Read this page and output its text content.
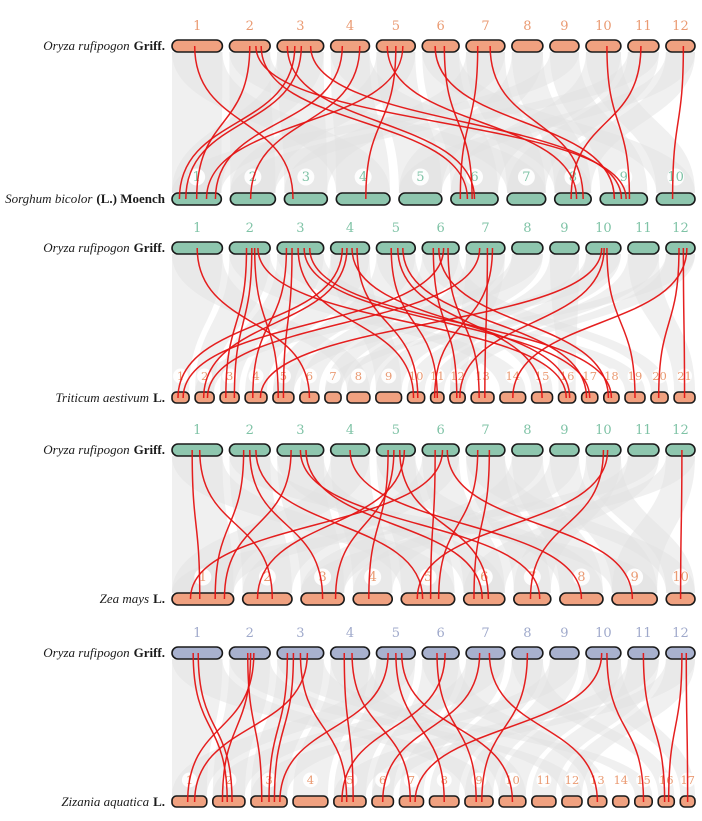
1	2	3	4	5	6	7	8 9 10 11 12
1	2	3	4	5	6	7	8	9	10
1	2	3	4	5	6	7	8 9 10 11 12
1 2 3 4 5 6 7 8 9 10 11 12 13 14 15 16 17 18 19 20 21
1	2	3	4	5	6	7	8 9 10 11 12
1	2	3	4	5	6	7	8	9	10
1	2	3	4	5	6	7	8 9 10 11 12
1	2	3	4	5 6 7 8 9 10 11 12 13 14 15 16 17
Oryza rufipogon Griff.
Sorghum bicolor (L.) Moench
Oryza rufipogon Griff.
Triticum aestivum L.
Oryza rufipogon Griff.
Zea mays L.
Oryza rufipogon Griff.
Zizania aquatica L.
